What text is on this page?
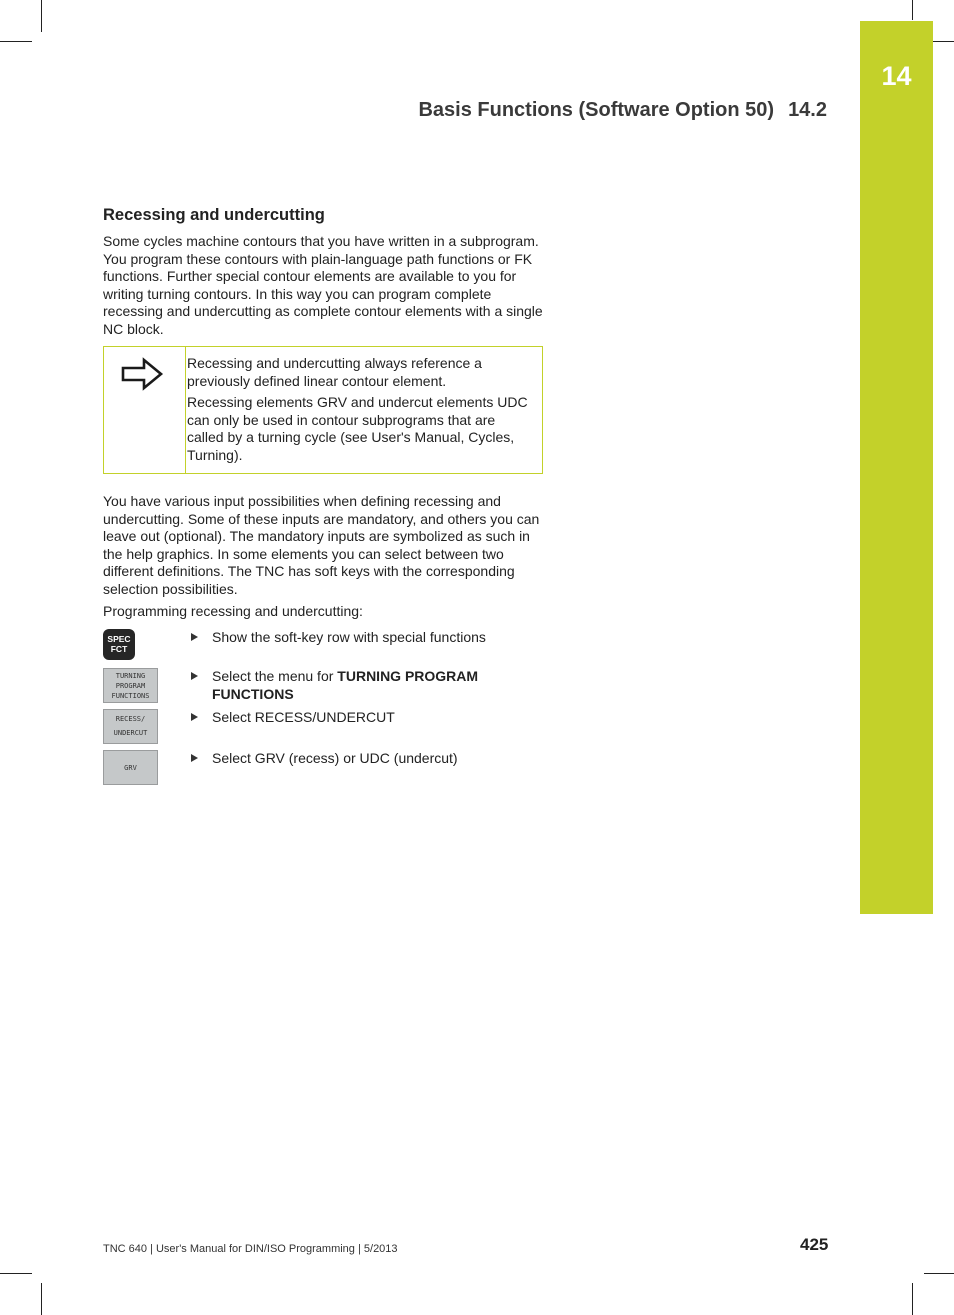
14
Basis Functions (Software Option 50) 14.2
Recessing and undercutting

Some cycles machine contours that you have written in a subprogram. You program these contours with plain-language path functions or FK functions. Further special contour elements are available to you for writing turning contours. In this way you can program complete recessing and undercutting as complete contour elements with a single NC block.

Recessing and undercutting always reference a previously defined linear contour element.

Recessing elements GRV and undercut elements UDC can only be used in contour subprograms that are called by a turning cycle (see User's Manual, Cycles, Turning).

You have various input possibilities when defining recessing and undercutting. Some of these inputs are mandatory, and others you can leave out (optional). The mandatory inputs are symbolized as such in the help graphics. In some elements you can select between two different definitions. The TNC has soft keys with the corresponding selection possibilities.

Programming recessing and undercutting:

SPEC
FCT
Show the soft-key row with special functions
TURNING
PROGRAM
FUNCTIONS
Select the menu for TURNING PROGRAM FUNCTIONS
RECESS/

UNDERCUT
Select RECESS/UNDERCUT
GRV
Select GRV (recess) or UDC (undercut)
TNC 640 | User's Manual for DIN/ISO Programming | 5/2013	425
